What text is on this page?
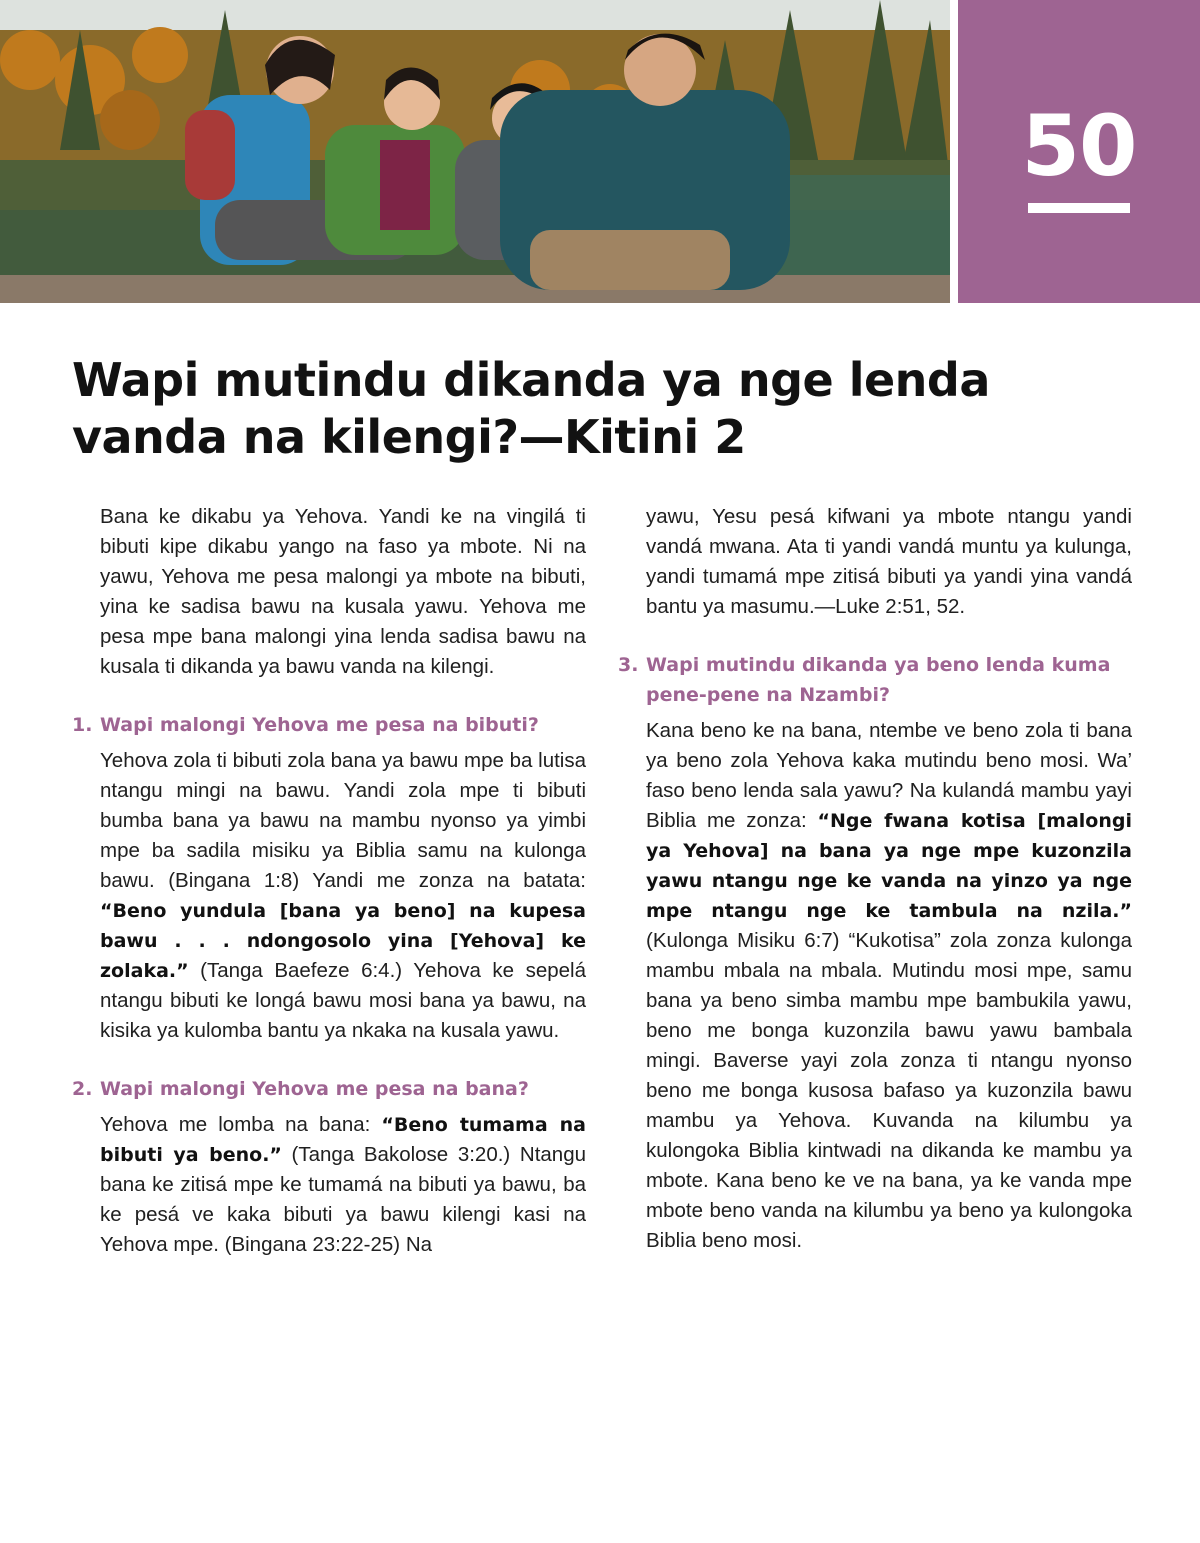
50
Wapi mutindu dikanda ya nge lenda vanda na kilengi?—Kitini 2

Bana ke dikabu ya Yehova. Yandi ke na vingilá ti bibuti kipe dikabu yango na faso ya mbote. Ni na yawu, Yehova me pesa malongi ya mbote na bibuti, yina ke sadisa bawu na kusala yawu. Yehova me pesa mpe bana malongi yina lenda sadisa bawu na kusala ti dikanda ya bawu vanda na kilengi.

1. Wapi malongi Yehova me pesa na bibuti?

Yehova zola ti bibuti zola bana ya bawu mpe ba lutisa ntangu mingi na bawu. Yandi zola mpe ti bibuti bumba bana ya bawu na mambu nyonso ya yimbi mpe ba sadila misiku ya Biblia samu na kulonga bawu. (Bingana 1:8) Yandi me zonza na batata: “Beno yundula [bana ya beno] na kupesa bawu . . . ndongosolo yina [Yehova] ke zolaka.” (Tanga Baefeze 6:4.) Yehova ke sepelá ntangu bibuti ke longá bawu mosi bana ya bawu, na kisika ya kulomba bantu ya nkaka na kusala yawu.

2. Wapi malongi Yehova me pesa na bana?

Yehova me lomba na bana: “Beno tumama na bibuti ya beno.” (Tanga Bakolose 3:20.) Ntangu bana ke zitisá mpe ke tumamá na bibuti ya bawu, ba ke pesá ve kaka bibuti ya bawu kilengi kasi na Yehova mpe. (Bingana 23:22-25) Na

yawu, Yesu pesá kifwani ya mbote ntangu yandi vandá mwana. Ata ti yandi vandá muntu ya kulunga, yandi tumamá mpe zitisá bibuti ya yandi yina vandá bantu ya masumu.—Luke 2:51, 52.

3. Wapi mutindu dikanda ya beno lenda kuma pene-pene na Nzambi?

Kana beno ke na bana, ntembe ve beno zola ti bana ya beno zola Yehova kaka mutindu beno mosi. Wa’ faso beno lenda sala yawu? Na kulandá mambu yayi Biblia me zonza: “Nge fwana kotisa [malongi ya Yehova] na bana ya nge mpe kuzonzila yawu ntangu nge ke vanda na yinzo ya nge mpe ntangu nge ke tambula na nzila.” (Kulonga Misiku 6:7) “Kukotisa” zola zonza kulonga mambu mbala na mbala. Mutindu mosi mpe, samu bana ya beno simba mambu mpe bambukila yawu, beno me bonga kuzonzila bawu yawu bambala mingi. Baverse yayi zola zonza ti ntangu nyonso beno me bonga kusosa bafaso ya kuzonzila bawu mambu ya Yehova. Kuvanda na kilumbu ya kulongoka Biblia kintwadi na dikanda ke mambu ya mbote. Kana beno ke ve na bana, ya ke vanda mpe mbote beno vanda na kilumbu ya beno ya kulongoka Biblia beno mosi.
